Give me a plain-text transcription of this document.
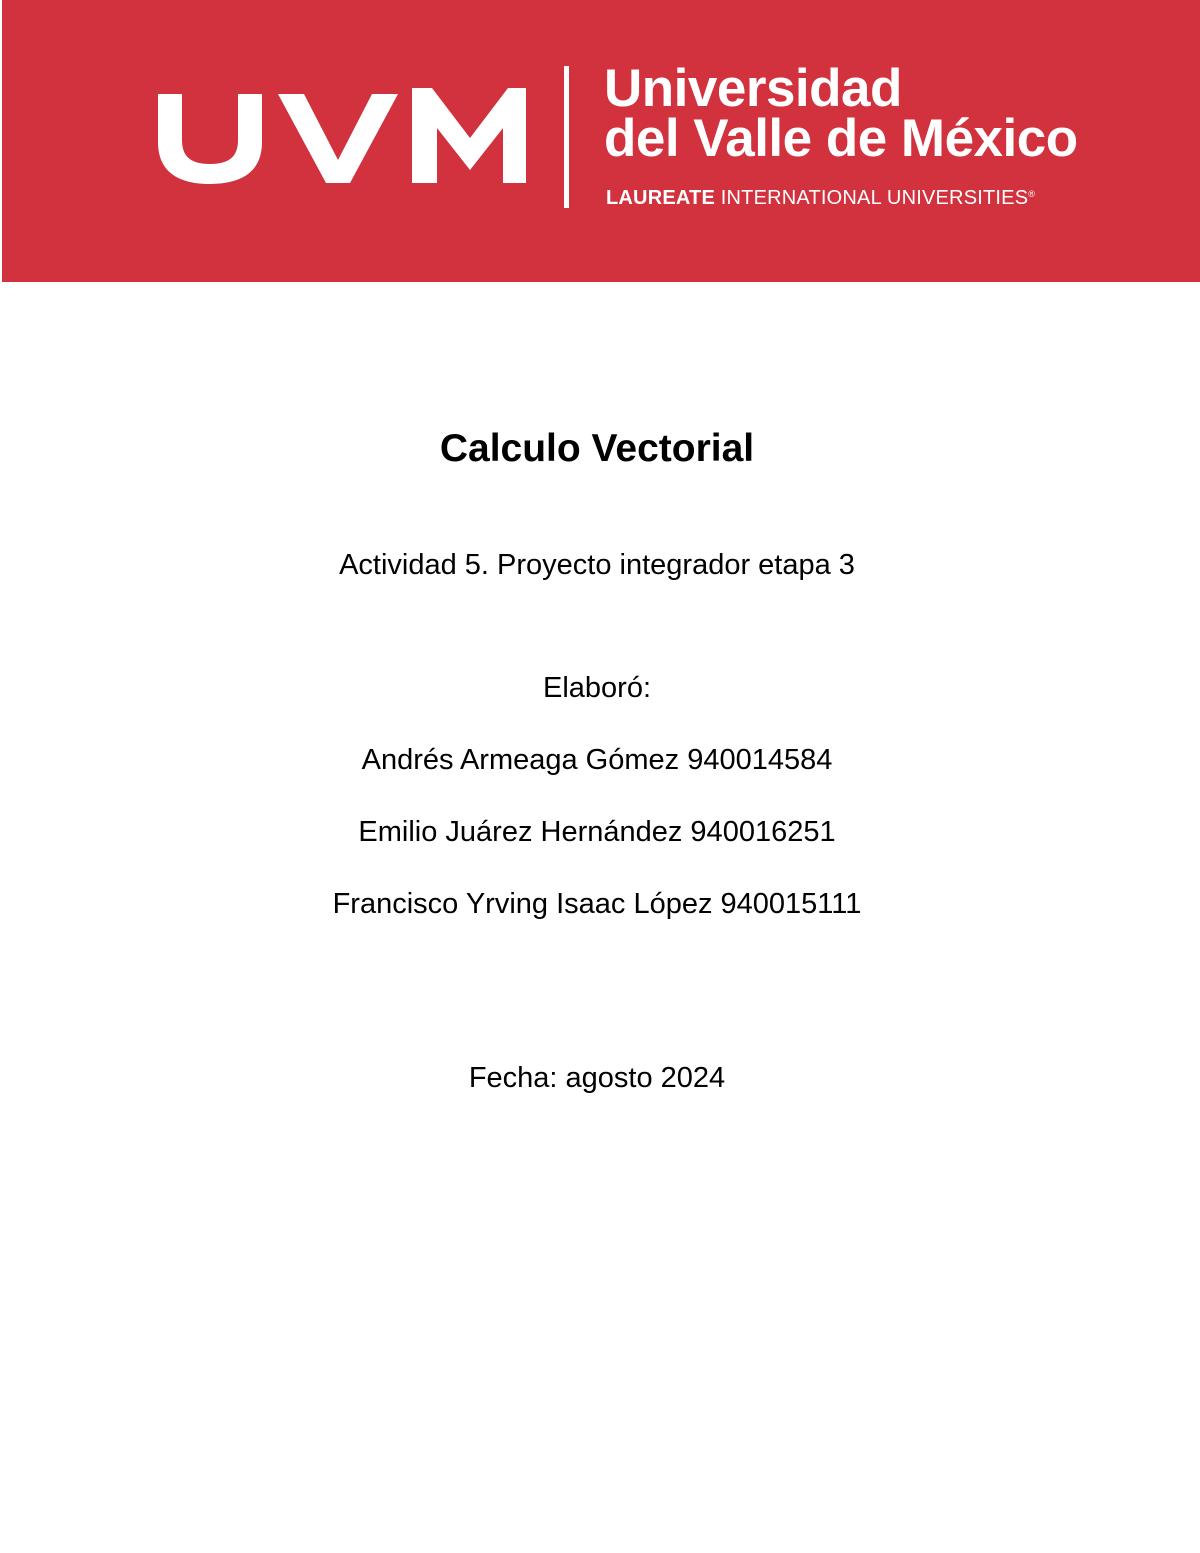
Universidad

del Valle de México

LAUREATE INTERNATIONAL UNIVERSITIES®

Calculo Vectorial

Actividad 5. Proyecto integrador etapa 3

Elaboró:

Andrés Armeaga Gómez 940014584

Emilio Juárez Hernández 940016251

Francisco Yrving Isaac López 940015111

Fecha: agosto 2024
